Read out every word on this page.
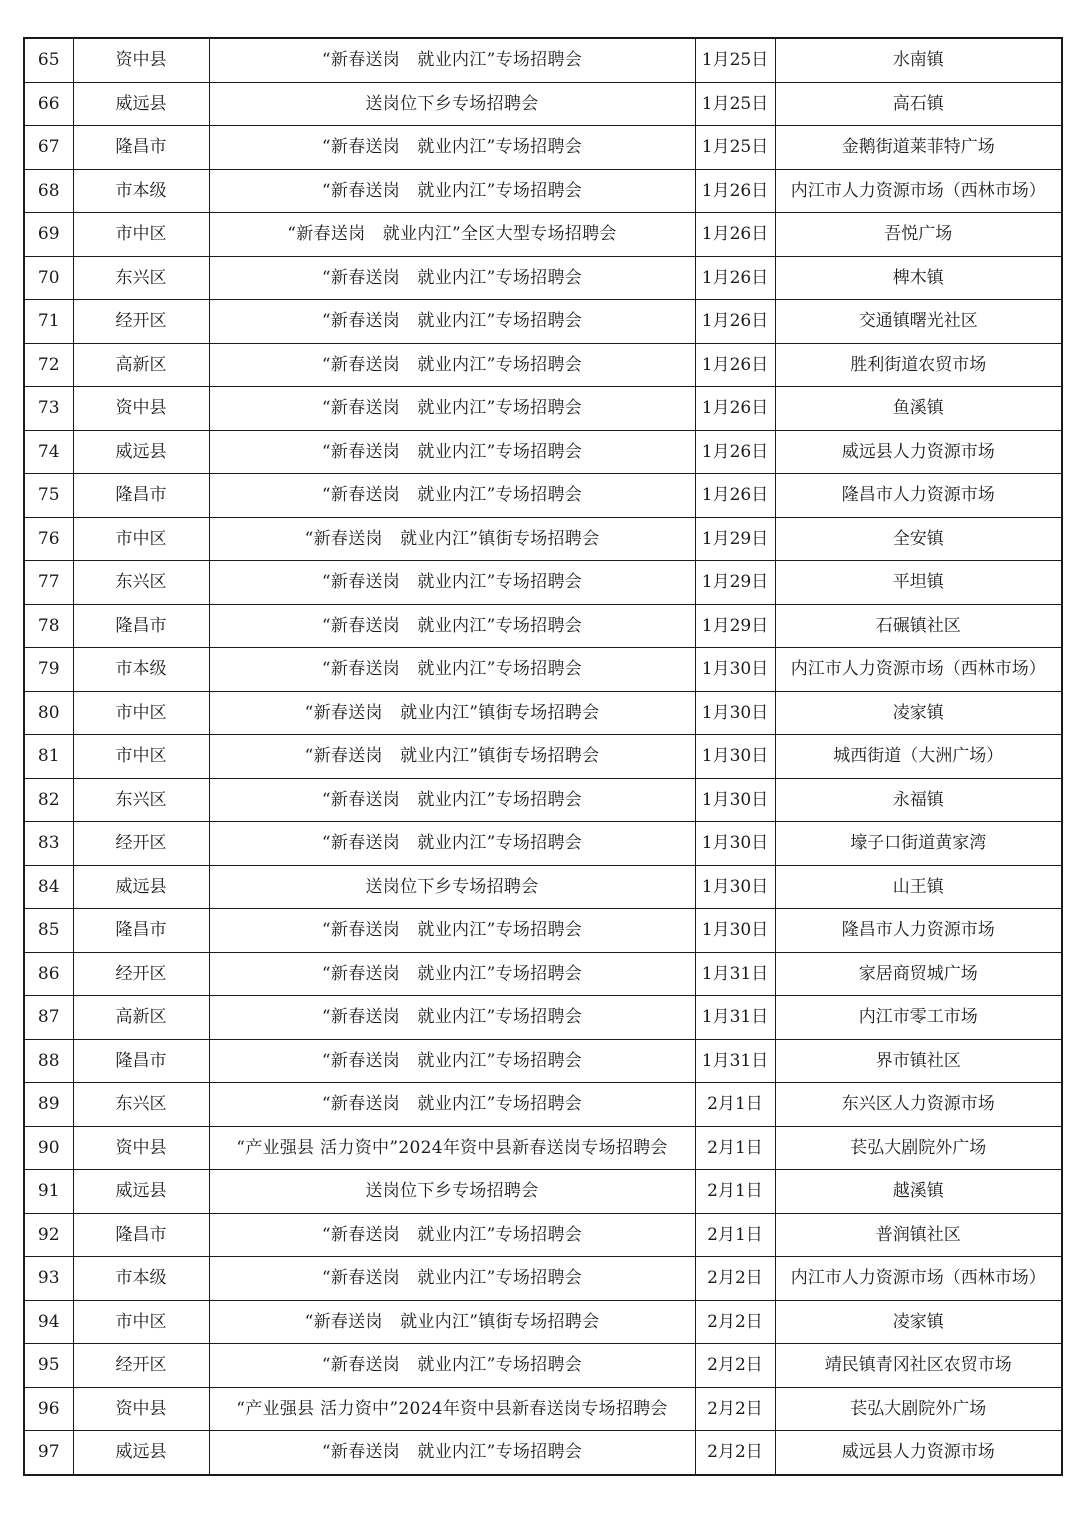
65	资中县	“新春送岗　就业内江”专场招聘会	1月25日	水南镇
66	威远县	送岗位下乡专场招聘会	1月25日	高石镇
67	隆昌市	“新春送岗　就业内江”专场招聘会	1月25日	金鹅街道莱菲特广场
68	市本级	“新春送岗　就业内江”专场招聘会	1月26日	内江市人力资源市场（西林市场）
69	市中区	“新春送岗　就业内江”全区大型专场招聘会	1月26日	吾悦广场
70	东兴区	“新春送岗　就业内江”专场招聘会	1月26日	椑木镇
71	经开区	“新春送岗　就业内江”专场招聘会	1月26日	交通镇曙光社区
72	高新区	“新春送岗　就业内江”专场招聘会	1月26日	胜利街道农贸市场
73	资中县	“新春送岗　就业内江”专场招聘会	1月26日	鱼溪镇
74	威远县	“新春送岗　就业内江”专场招聘会	1月26日	威远县人力资源市场
75	隆昌市	“新春送岗　就业内江”专场招聘会	1月26日	隆昌市人力资源市场
76	市中区	“新春送岗　就业内江”镇街专场招聘会	1月29日	全安镇
77	东兴区	“新春送岗　就业内江”专场招聘会	1月29日	平坦镇
78	隆昌市	“新春送岗　就业内江”专场招聘会	1月29日	石碾镇社区
79	市本级	“新春送岗　就业内江”专场招聘会	1月30日	内江市人力资源市场（西林市场）
80	市中区	“新春送岗　就业内江”镇街专场招聘会	1月30日	凌家镇
81	市中区	“新春送岗　就业内江”镇街专场招聘会	1月30日	城西街道（大洲广场）
82	东兴区	“新春送岗　就业内江”专场招聘会	1月30日	永福镇
83	经开区	“新春送岗　就业内江”专场招聘会	1月30日	壕子口街道黄家湾
84	威远县	送岗位下乡专场招聘会	1月30日	山王镇
85	隆昌市	“新春送岗　就业内江”专场招聘会	1月30日	隆昌市人力资源市场
86	经开区	“新春送岗　就业内江”专场招聘会	1月31日	家居商贸城广场
87	高新区	“新春送岗　就业内江”专场招聘会	1月31日	内江市零工市场
88	隆昌市	“新春送岗　就业内江”专场招聘会	1月31日	界市镇社区
89	东兴区	“新春送岗　就业内江”专场招聘会	2月1日	东兴区人力资源市场
90	资中县	“产业强县 活力资中”2024年资中县新春送岗专场招聘会	2月1日	苌弘大剧院外广场
91	威远县	送岗位下乡专场招聘会	2月1日	越溪镇
92	隆昌市	“新春送岗　就业内江”专场招聘会	2月1日	普润镇社区
93	市本级	“新春送岗　就业内江”专场招聘会	2月2日	内江市人力资源市场（西林市场）
94	市中区	“新春送岗　就业内江”镇街专场招聘会	2月2日	凌家镇
95	经开区	“新春送岗　就业内江”专场招聘会	2月2日	靖民镇青冈社区农贸市场
96	资中县	“产业强县 活力资中”2024年资中县新春送岗专场招聘会	2月2日	苌弘大剧院外广场
97	威远县	“新春送岗　就业内江”专场招聘会	2月2日	威远县人力资源市场
